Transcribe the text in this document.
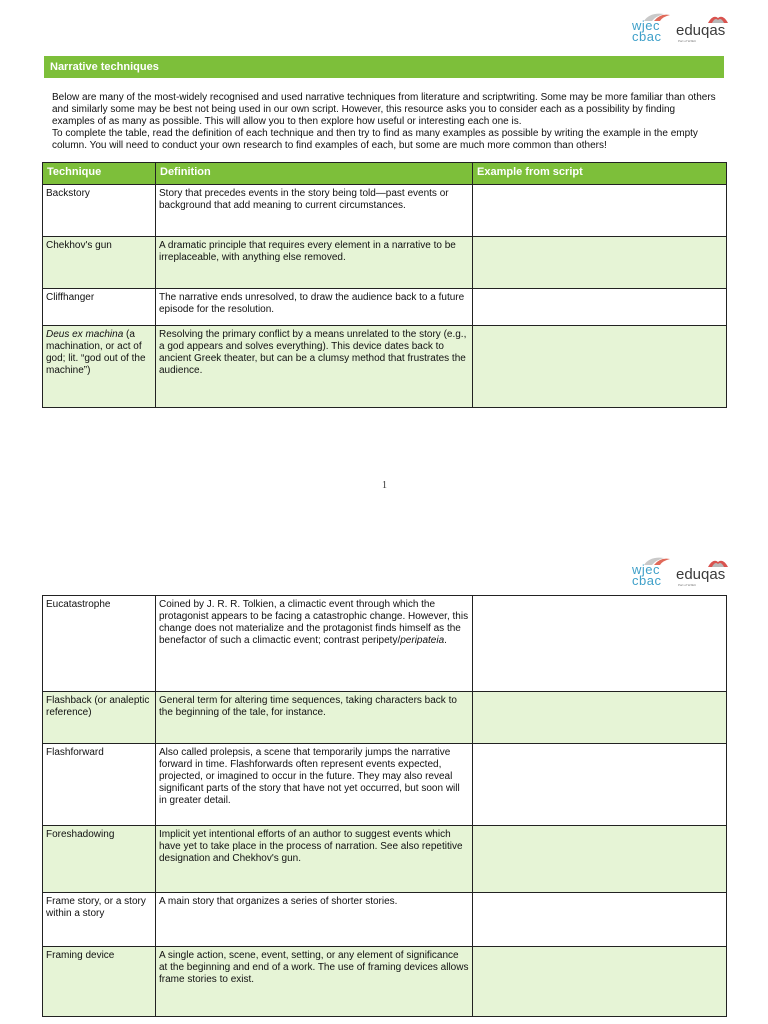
wjec
cbac eduqas
Part of WJEC
Narrative techniques

Below are many of the most-widely recognised and used narrative techniques from literature and scriptwriting. Some may be more familiar than others and similarly some may be best not being used in our own script. However, this resource asks you to consider each as a possibility by finding examples of as many as possible. This will allow you to then explore how useful or interesting each one is.

To complete the table, read the definition of each technique and then try to find as many examples as possible by writing the example in the empty column. You will need to conduct your own research to find examples of each, but some are much more common than others!

Technique	Definition	Example from script
Backstory	Story that precedes events in the story being told—past events or background that add meaning to current circumstances.	
Chekhov's gun	A dramatic principle that requires every element in a narrative to be irreplaceable, with anything else removed.	
Cliffhanger	The narrative ends unresolved, to draw the audience back to a future episode for the resolution.	
Deus ex machina (a machination, or act of god; lit. “god out of the machine”)	Resolving the primary conflict by a means unrelated to the story (e.g., a god appears and solves everything). This device dates back to ancient Greek theater, but can be a clumsy method that frustrates the audience.	
1
wjec
cbac eduqas
Part of WJEC
Eucatastrophe	Coined by J. R. R. Tolkien, a climactic event through which the protagonist appears to be facing a catastrophic change. However, this change does not materialize and the protagonist finds himself as the benefactor of such a climactic event; contrast peripety/peripateia.	
Flashback (or analeptic reference)	General term for altering time sequences, taking characters back to the beginning of the tale, for instance.	
Flashforward	Also called prolepsis, a scene that temporarily jumps the narrative forward in time. Flashforwards often represent events expected, projected, or imagined to occur in the future. They may also reveal significant parts of the story that have not yet occurred, but soon will in greater detail.	
Foreshadowing	Implicit yet intentional efforts of an author to suggest events which have yet to take place in the process of narration. See also repetitive designation and Chekhov's gun.	
Frame story, or a story within a story	A main story that organizes a series of shorter stories.	
Framing device	A single action, scene, event, setting, or any element of significance at the beginning and end of a work. The use of framing devices allows frame stories to exist.	
